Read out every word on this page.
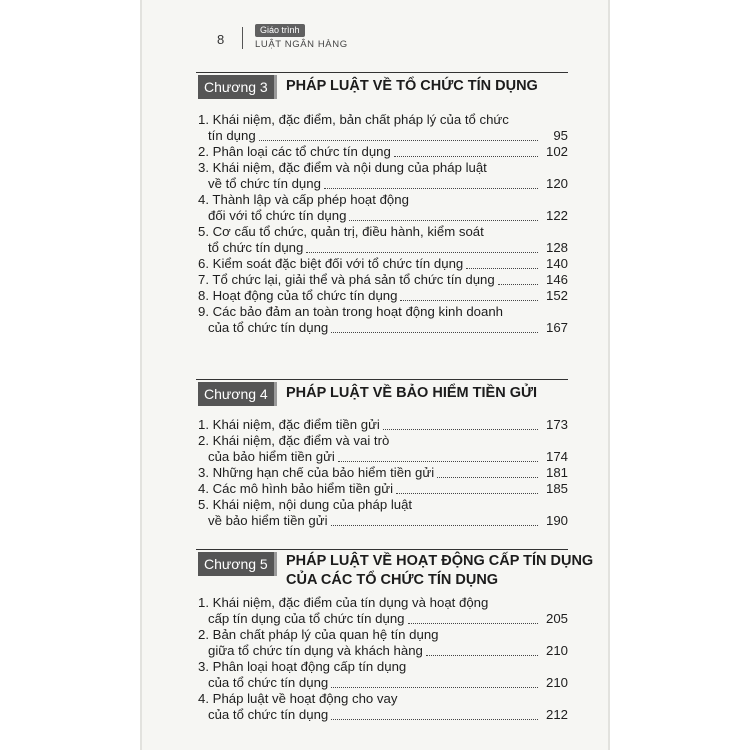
8
Giáo trình
LUẬT NGÂN HÀNG
Chương 3	PHÁP LUẬT VỀ TỔ CHỨC TÍN DỤNG
1. Khái niệm, đặc điểm, bản chất pháp lý của tổ chức
tín dụng	95
2. Phân loại các tổ chức tín dụng	102
3. Khái niệm, đặc điểm và nội dung của pháp luật
về tổ chức tín dụng	120
4. Thành lập và cấp phép hoạt động
đối với tổ chức tín dụng	122
5. Cơ cấu tổ chức, quản trị, điều hành, kiểm soát
tổ chức tín dụng	128
6. Kiểm soát đặc biệt đối với tổ chức tín dụng	140
7. Tổ chức lại, giải thể và phá sản tổ chức tín dụng	146
8. Hoạt động của tổ chức tín dụng	152
9. Các bảo đảm an toàn trong hoạt động kinh doanh
của tổ chức tín dụng	167
Chương 4	PHÁP LUẬT VỀ BẢO HIỂM TIỀN GỬI
1. Khái niệm, đặc điểm tiền gửi	173
2. Khái niệm, đặc điểm và vai trò
của bảo hiểm tiền gửi	174
3. Những hạn chế của bảo hiểm tiền gửi	181
4. Các mô hình bảo hiểm tiền gửi	185
5. Khái niệm, nội dung của pháp luật
về bảo hiểm tiền gửi	190
Chương 5	PHÁP LUẬT VỀ HOẠT ĐỘNG CẤP TÍN DỤNG
CỦA CÁC TỔ CHỨC TÍN DỤNG
1. Khái niệm, đặc điểm của tín dụng và hoạt động
cấp tín dụng của tổ chức tín dụng	205
2. Bản chất pháp lý của quan hệ tín dụng
giữa tổ chức tín dụng và khách hàng	210
3. Phân loại hoạt động cấp tín dụng
của tổ chức tín dụng	210
4. Pháp luật về hoạt động cho vay
của tổ chức tín dụng	212
